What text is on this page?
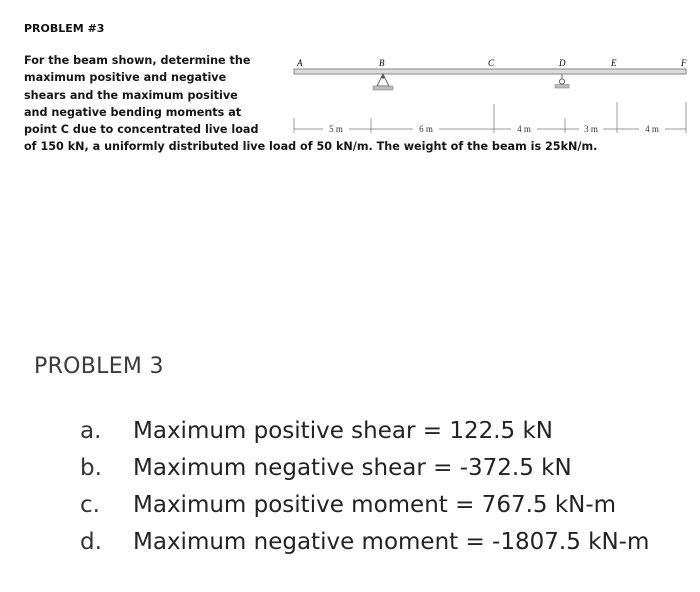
PROBLEM #3
For the beam shown, determine the
maximum positive and negative
shears and the maximum positive
and negative bending moments at
point C due to concentrated live load
of 150 kN, a uniformly distributed live load of 50 kN/m. The weight of the beam is 25kN/m.
A	B	C	D	E	F
5 m	6 m	4 m	3 m	4 m
PROBLEM 3
a.	Maximum positive shear = 122.5 kN
b.	Maximum negative shear = -372.5 kN
c.	Maximum positive moment = 767.5 kN-m
d.	Maximum negative moment = -1807.5 kN-m
